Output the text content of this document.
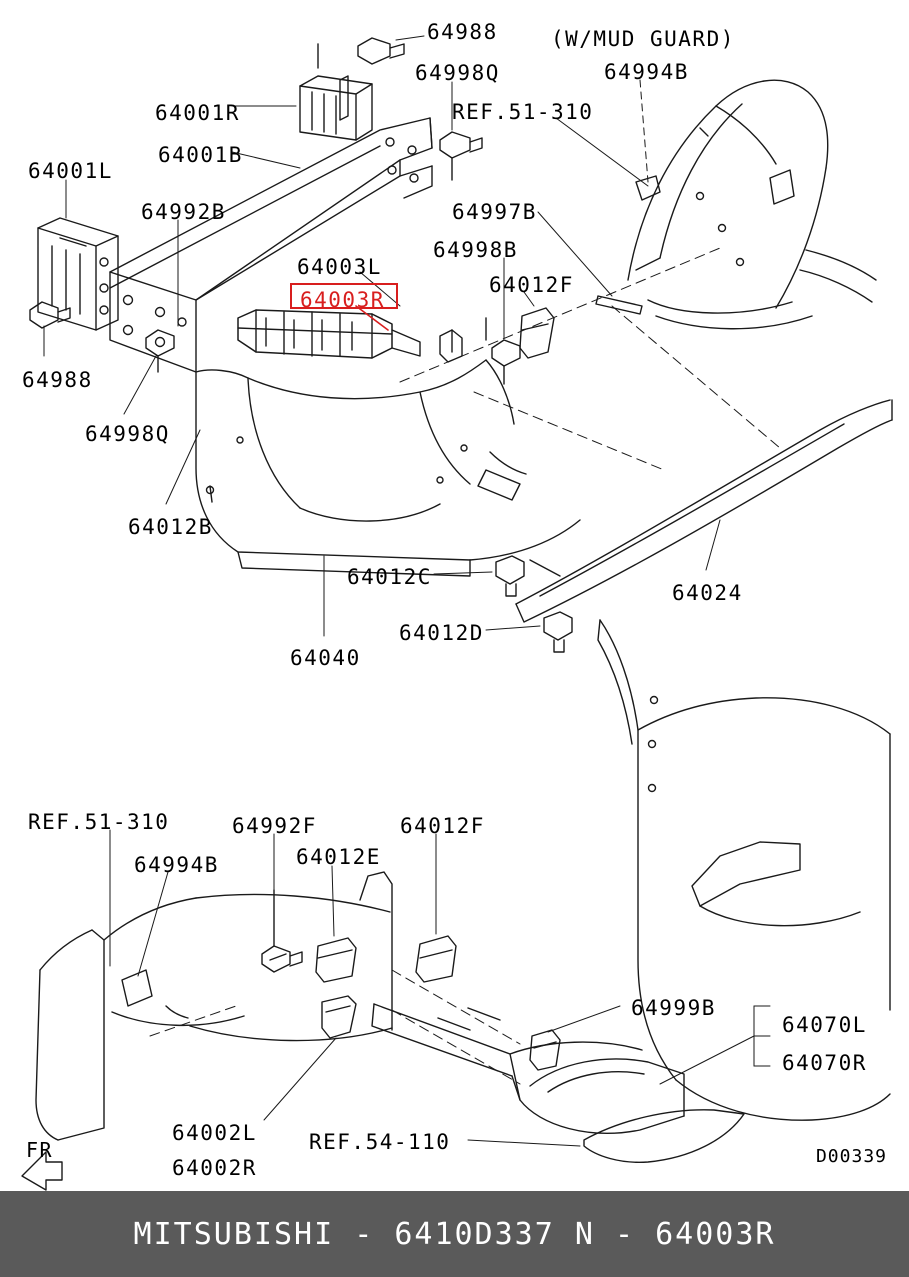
64988	(W/MUD GUARD)
64998Q	64994B
64001R	REF.51-310
64001B
64001L
64997B
64992B
64998B
64003L
64012F
64003R
64988
64998Q
64012B
64012C
64024
64012D
64040
REF.51-310	64992F	64012F
64994B	64012E
64999B
64070L
64070R
64002L
64002R
REF.54-110
FR	D00339
MITSUBISHI - 6410D337 N - 64003R
